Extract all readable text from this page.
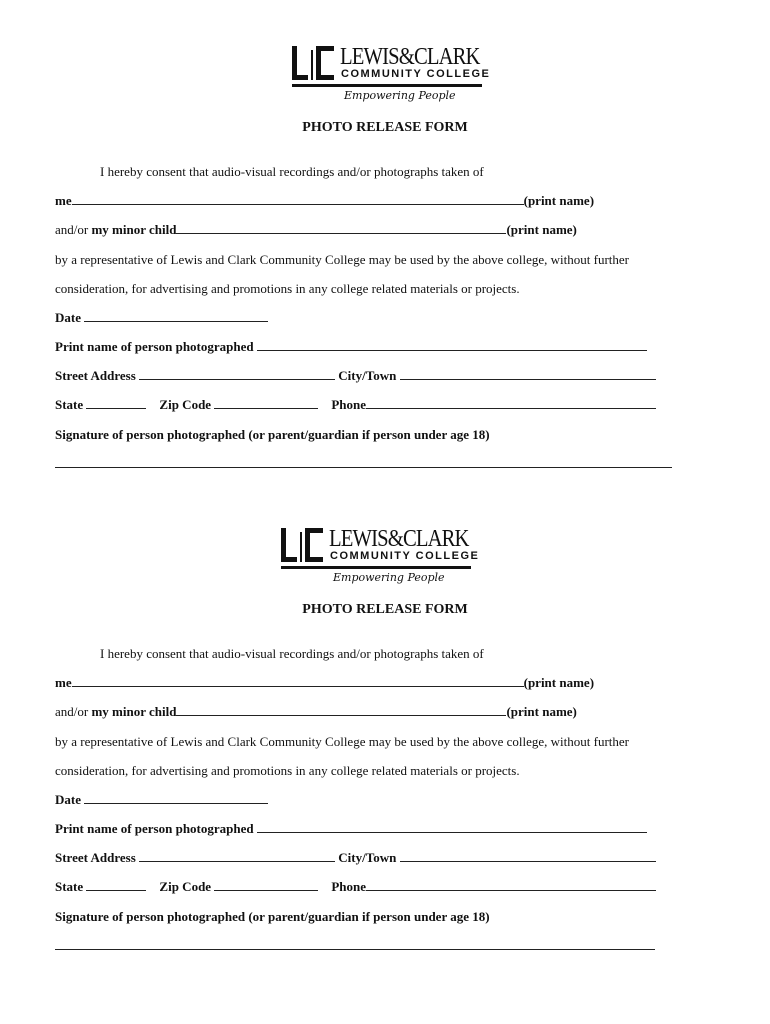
LEWIS&CLARK
COMMUNITY COLLEGE
Empowering People
PHOTO RELEASE FORM
I hereby consent that audio-visual recordings and/or photographs taken of
me	(print name)
and/or my minor child	(print name)
by a representative of Lewis and Clark Community College may be used by the above college, without further
consideration, for advertising and promotions in any college related materials or projects.
Date
Print name of person photographed
Street Address	City/Town
State	Zip Code	Phone
Signature of person photographed (or parent/guardian if person under age 18)
LEWIS&CLARK
COMMUNITY COLLEGE
Empowering People
PHOTO RELEASE FORM
I hereby consent that audio-visual recordings and/or photographs taken of
me	(print name)
and/or my minor child	(print name)
by a representative of Lewis and Clark Community College may be used by the above college, without further
consideration, for advertising and promotions in any college related materials or projects.
Date
Print name of person photographed
Street Address	City/Town
State	Zip Code	Phone
Signature of person photographed (or parent/guardian if person under age 18)
